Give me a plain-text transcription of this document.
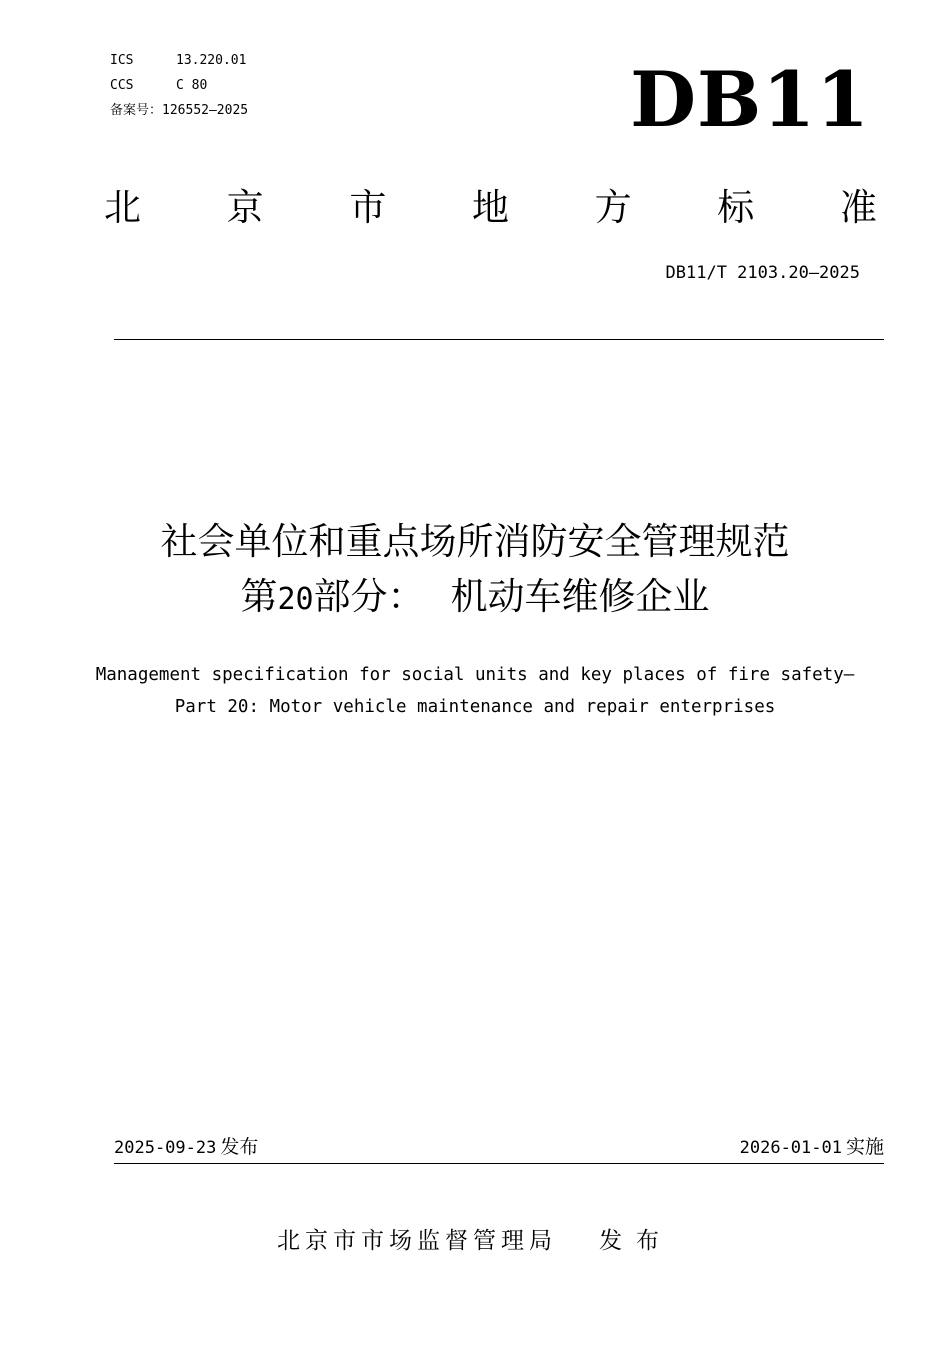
ICS	13.220.01
CCS	C 80
备案号： 126552—2025	DB11
北 京 市 地 方 标 准
DB11/T 2103.20—2025
社会单位和重点场所消防安全管理规范
第20部分： 机动车维修企业
Management specification for social units and key places of fire safety—
Part 20: Motor vehicle maintenance and repair enterprises
2025-09-23 发布	2026-01-01 实施
北京市市场监督管理局 发布
